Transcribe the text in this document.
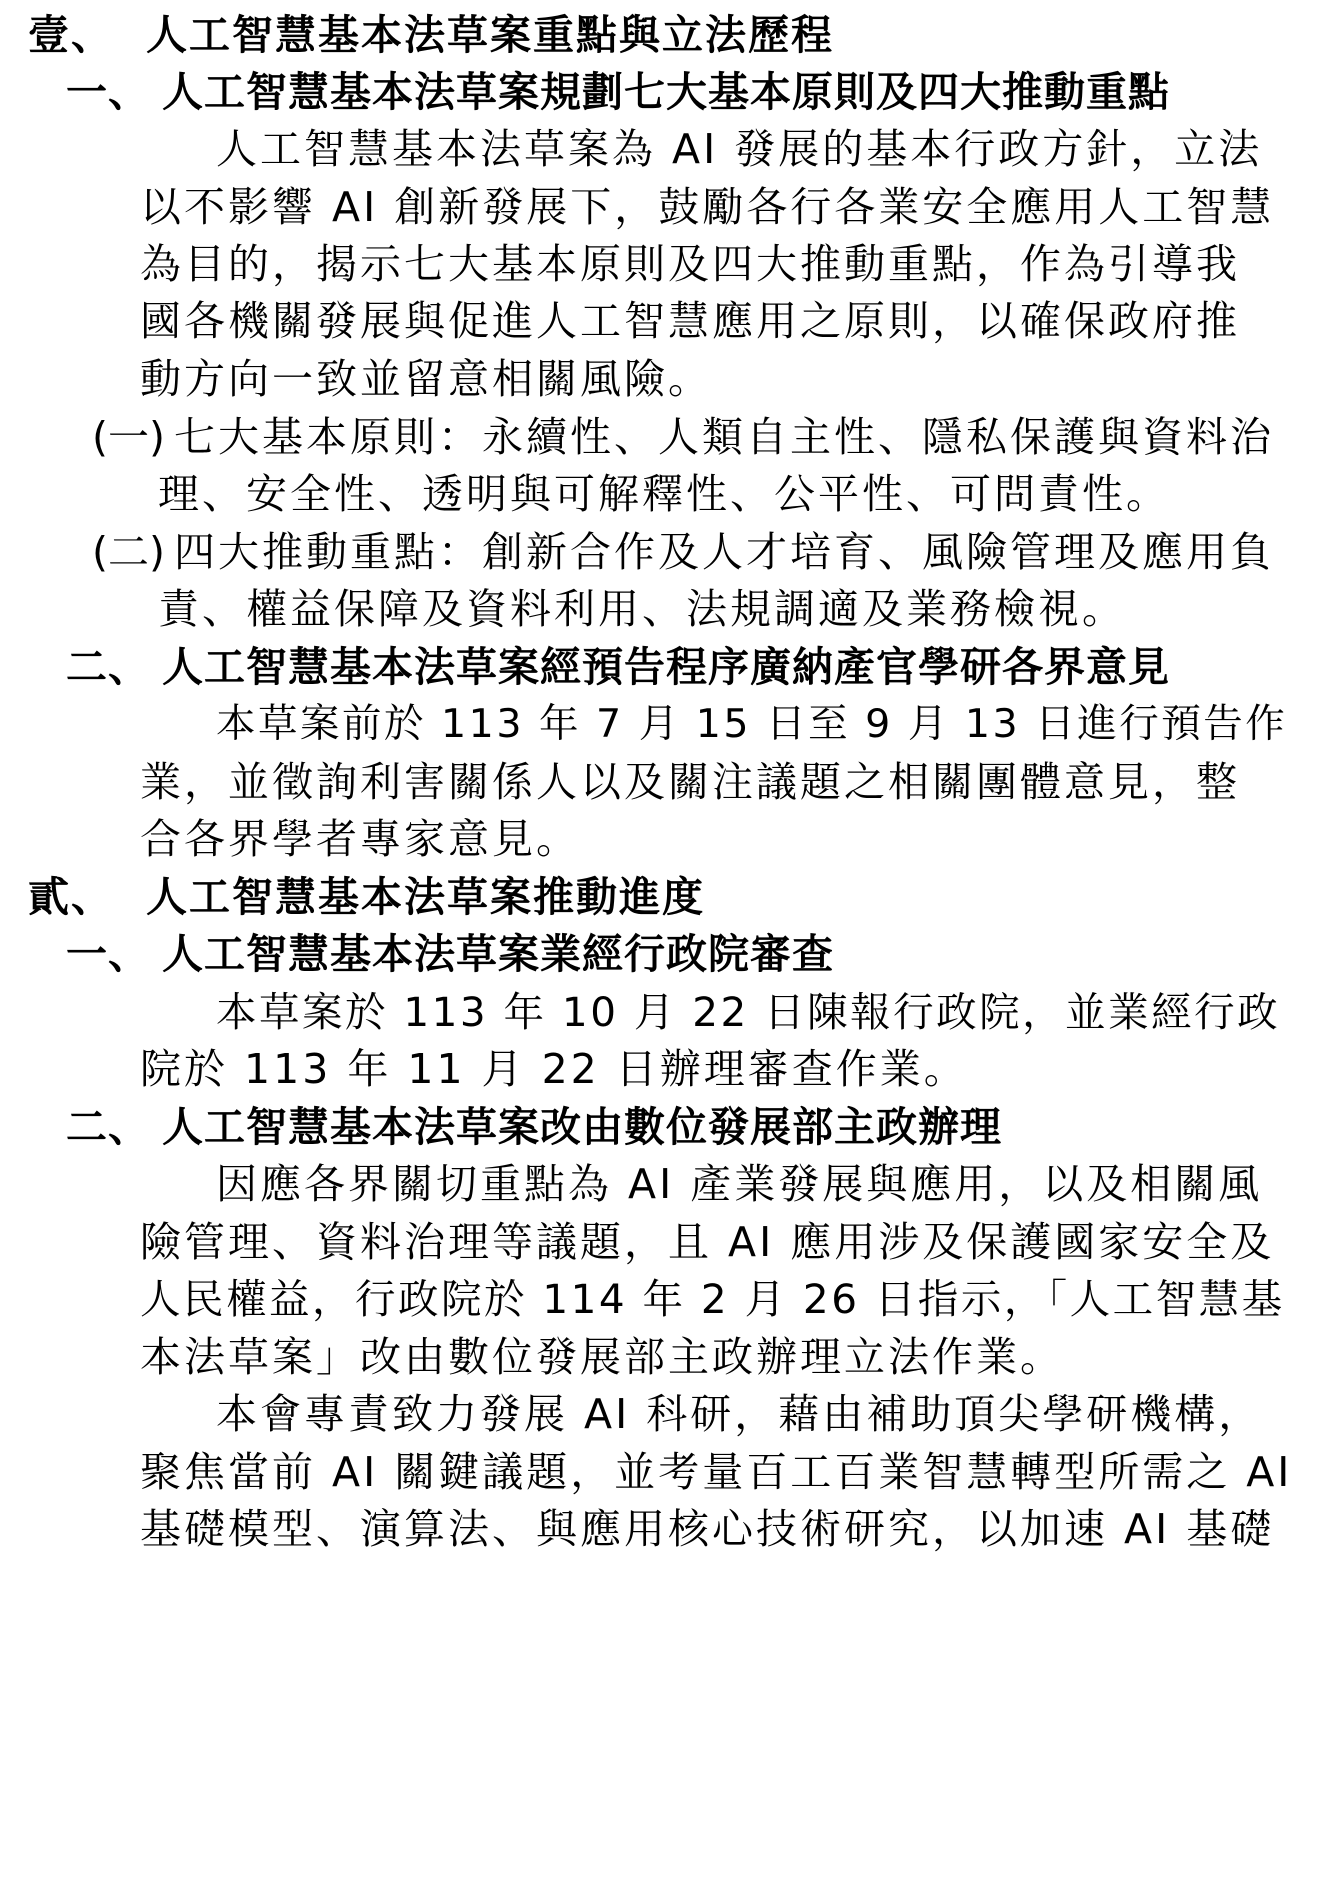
壹、 人工智慧基本法草案重點與立法歷程
一、 人工智慧基本法草案規劃七大基本原則及四大推動重點
人工智慧基本法草案為 AI 發展的基本行政方針，立法
以不影響 AI 創新發展下，鼓勵各行各業安全應用人工智慧
為目的，揭示七大基本原則及四大推動重點，作為引導我
國各機關發展與促進人工智慧應用之原則，以確保政府推
動方向一致並留意相關風險。
(一) 七大基本原則：永續性、人類自主性、隱私保護與資料治
理、安全性、透明與可解釋性、公平性、可問責性。
(二) 四大推動重點：創新合作及人才培育、風險管理及應用負
責、權益保障及資料利用、法規調適及業務檢視。
二、 人工智慧基本法草案經預告程序廣納產官學研各界意見
本草案前於 113 年 7 月 15 日至 9 月 13 日進行預告作
業，並徵詢利害關係人以及關注議題之相關團體意見，整
合各界學者專家意見。
貳、 人工智慧基本法草案推動進度
一、 人工智慧基本法草案業經行政院審查
本草案於 113 年 10 月 22 日陳報行政院，並業經行政
院於 113 年 11 月 22 日辦理審查作業。
二、 人工智慧基本法草案改由數位發展部主政辦理
因應各界關切重點為 AI 產業發展與應用，以及相關風
險管理、資料治理等議題，且 AI 應用涉及保護國家安全及
人民權益，行政院於 114 年 2 月 26 日指示，「人工智慧基
本法草案」改由數位發展部主政辦理立法作業。
本會專責致力發展 AI 科研，藉由補助頂尖學研機構，
聚焦當前 AI 關鍵議題，並考量百工百業智慧轉型所需之 AI
基礎模型、演算法、與應用核心技術研究，以加速 AI 基礎
